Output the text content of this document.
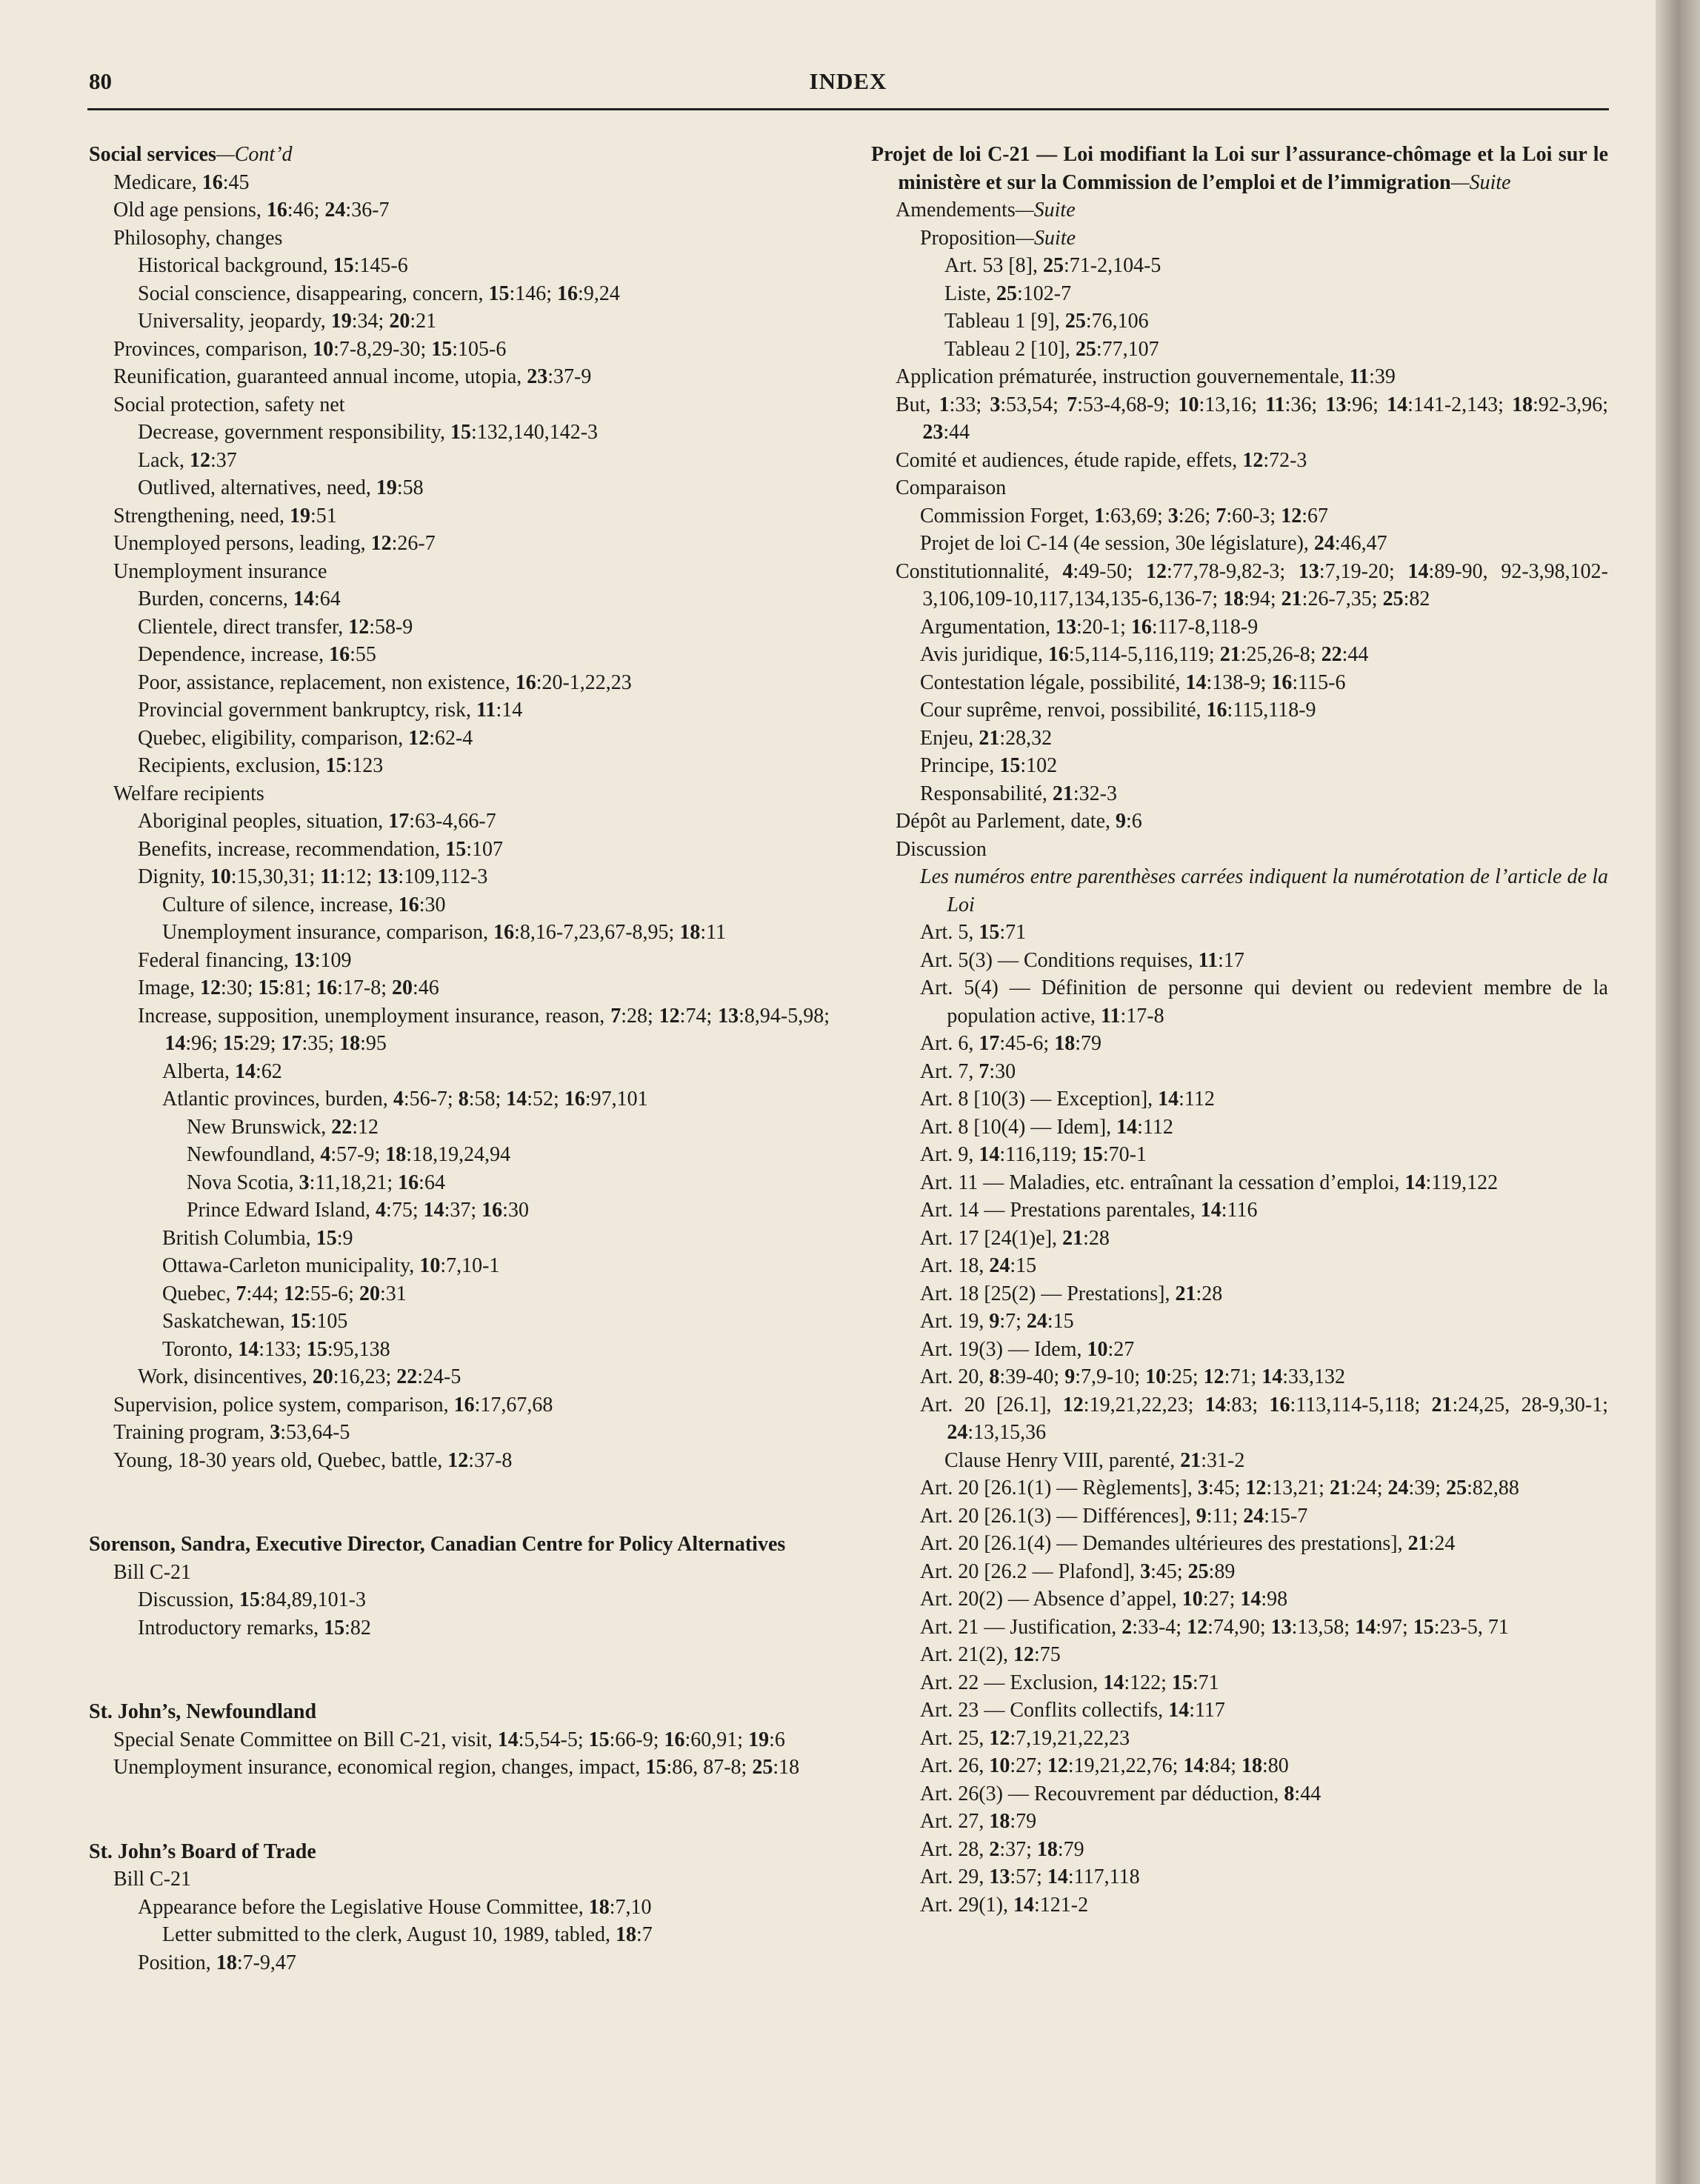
80	INDEX
Social services—Cont’d
Medicare, 16:45
Old age pensions, 16:46; 24:36-7
Philosophy, changes
Historical background, 15:145-6
Social conscience, disappearing, concern, 15:146; 16:9,24
Universality, jeopardy, 19:34; 20:21
Provinces, comparison, 10:7-8,29-30; 15:105-6
Reunification, guaranteed annual income, utopia, 23:37-9
Social protection, safety net
Decrease, government responsibility, 15:132,140,142-3
Lack, 12:37
Outlived, alternatives, need, 19:58
Strengthening, need, 19:51
Unemployed persons, leading, 12:26-7
Unemployment insurance
Burden, concerns, 14:64
Clientele, direct transfer, 12:58-9
Dependence, increase, 16:55
Poor, assistance, replacement, non existence, 16:20-1,22,23
Provincial government bankruptcy, risk, 11:14
Quebec, eligibility, comparison, 12:62-4
Recipients, exclusion, 15:123
Welfare recipients
Aboriginal peoples, situation, 17:63-4,66-7
Benefits, increase, recommendation, 15:107
Dignity, 10:15,30,31; 11:12; 13:109,112-3
Culture of silence, increase, 16:30
Unemployment insurance, comparison, 16:8,16-7,23,67-8,95; 18:11
Federal financing, 13:109
Image, 12:30; 15:81; 16:17-8; 20:46
Increase, supposition, unemployment insurance, reason, 7:28; 12:74; 13:8,94-5,98; 14:96; 15:29; 17:35; 18:95
Alberta, 14:62
Atlantic provinces, burden, 4:56-7; 8:58; 14:52; 16:97,101
New Brunswick, 22:12
Newfoundland, 4:57-9; 18:18,19,24,94
Nova Scotia, 3:11,18,21; 16:64
Prince Edward Island, 4:75; 14:37; 16:30
British Columbia, 15:9
Ottawa-Carleton municipality, 10:7,10-1
Quebec, 7:44; 12:55-6; 20:31
Saskatchewan, 15:105
Toronto, 14:133; 15:95,138
Work, disincentives, 20:16,23; 22:24-5
Supervision, police system, comparison, 16:17,67,68
Training program, 3:53,64-5
Young, 18-30 years old, Quebec, battle, 12:37-8
Sorenson, Sandra, Executive Director, Canadian Centre for Policy Alternatives
Bill C-21
Discussion, 15:84,89,101-3
Introductory remarks, 15:82
St. John’s, Newfoundland
Special Senate Committee on Bill C-21, visit, 14:5,54-5; 15:66-9; 16:60,91; 19:6
Unemployment insurance, economical region, changes, impact, 15:86, 87-8; 25:18
St. John’s Board of Trade
Bill C-21
Appearance before the Legislative House Committee, 18:7,10
Letter submitted to the clerk, August 10, 1989, tabled, 18:7
Position, 18:7-9,47
Projet de loi C-21 — Loi modifiant la Loi sur l’assurance-chômage et la Loi sur le ministère et sur la Commission de l’emploi et de l’immigration—Suite
Amendements—Suite
Proposition—Suite
Art. 53 [8], 25:71-2,104-5
Liste, 25:102-7
Tableau 1 [9], 25:76,106
Tableau 2 [10], 25:77,107
Application prématurée, instruction gouvernementale, 11:39
But, 1:33; 3:53,54; 7:53-4,68-9; 10:13,16; 11:36; 13:96; 14:141-2,143; 18:92-3,96; 23:44
Comité et audiences, étude rapide, effets, 12:72-3
Comparaison
Commission Forget, 1:63,69; 3:26; 7:60-3; 12:67
Projet de loi C-14 (4e session, 30e législature), 24:46,47
Constitutionnalité, 4:49-50; 12:77,78-9,82-3; 13:7,19-20; 14:89-90, 92-3,98,102-3,106,109-10,117,134,135-6,136-7; 18:94; 21:26-7,35; 25:82
Argumentation, 13:20-1; 16:117-8,118-9
Avis juridique, 16:5,114-5,116,119; 21:25,26-8; 22:44
Contestation légale, possibilité, 14:138-9; 16:115-6
Cour suprême, renvoi, possibilité, 16:115,118-9
Enjeu, 21:28,32
Principe, 15:102
Responsabilité, 21:32-3
Dépôt au Parlement, date, 9:6
Discussion
Les numéros entre parenthèses carrées indiquent la numérotation de l’article de la Loi
Art. 5, 15:71
Art. 5(3) — Conditions requises, 11:17
Art. 5(4) — Définition de personne qui devient ou redevient membre de la population active, 11:17-8
Art. 6, 17:45-6; 18:79
Art. 7, 7:30
Art. 8 [10(3) — Exception], 14:112
Art. 8 [10(4) — Idem], 14:112
Art. 9, 14:116,119; 15:70-1
Art. 11 — Maladies, etc. entraînant la cessation d’emploi, 14:119,122
Art. 14 — Prestations parentales, 14:116
Art. 17 [24(1)e], 21:28
Art. 18, 24:15
Art. 18 [25(2) — Prestations], 21:28
Art. 19, 9:7; 24:15
Art. 19(3) — Idem, 10:27
Art. 20, 8:39-40; 9:7,9-10; 10:25; 12:71; 14:33,132
Art. 20 [26.1], 12:19,21,22,23; 14:83; 16:113,114-5,118; 21:24,25, 28-9,30-1; 24:13,15,36
Clause Henry VIII, parenté, 21:31-2
Art. 20 [26.1(1) — Règlements], 3:45; 12:13,21; 21:24; 24:39; 25:82,88
Art. 20 [26.1(3) — Différences], 9:11; 24:15-7
Art. 20 [26.1(4) — Demandes ultérieures des prestations], 21:24
Art. 20 [26.2 — Plafond], 3:45; 25:89
Art. 20(2) — Absence d’appel, 10:27; 14:98
Art. 21 — Justification, 2:33-4; 12:74,90; 13:13,58; 14:97; 15:23-5, 71
Art. 21(2), 12:75
Art. 22 — Exclusion, 14:122; 15:71
Art. 23 — Conflits collectifs, 14:117
Art. 25, 12:7,19,21,22,23
Art. 26, 10:27; 12:19,21,22,76; 14:84; 18:80
Art. 26(3) — Recouvrement par déduction, 8:44
Art. 27, 18:79
Art. 28, 2:37; 18:79
Art. 29, 13:57; 14:117,118
Art. 29(1), 14:121-2
